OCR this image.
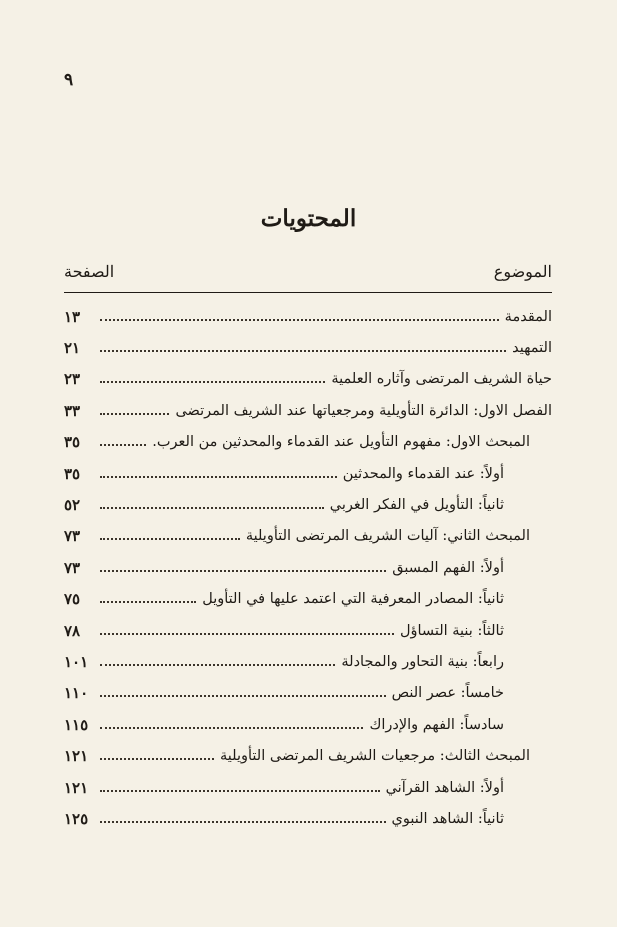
٩
المحتويات
الموضوع
الصفحة
المقدمة
١٣
التمهيد
٢١
حياة الشريف المرتضى وآثاره العلمية
٢٣
الفصل الاول: الدائرة التأويلية ومرجعياتها عند الشريف المرتضى
٣٣
المبحث الاول: مفهوم التأويل عند القدماء والمحدثين من العرب.
٣٥
أولاً: عند القدماء والمحدثين
٣٥
ثانياً: التأويل في الفكر الغربي
٥٢
المبحث الثاني: آليات الشريف المرتضى التأويلية
٧٣
أولاً: الفهم المسبق
٧٣
ثانياً: المصادر المعرفية التي اعتمد عليها في التأويل
٧٥
ثالثاً: بنية التساؤل
٧٨
رابعاً: بنية التحاور والمجادلة
١٠١
خامساً: عصر النص
١١٠
سادساً: الفهم والإدراك
١١٥
المبحث الثالث: مرجعيات الشريف المرتضى التأويلية
١٢١
أولاً: الشاهد القرآني
١٢١
ثانياً: الشاهد النبوي
١٢٥
